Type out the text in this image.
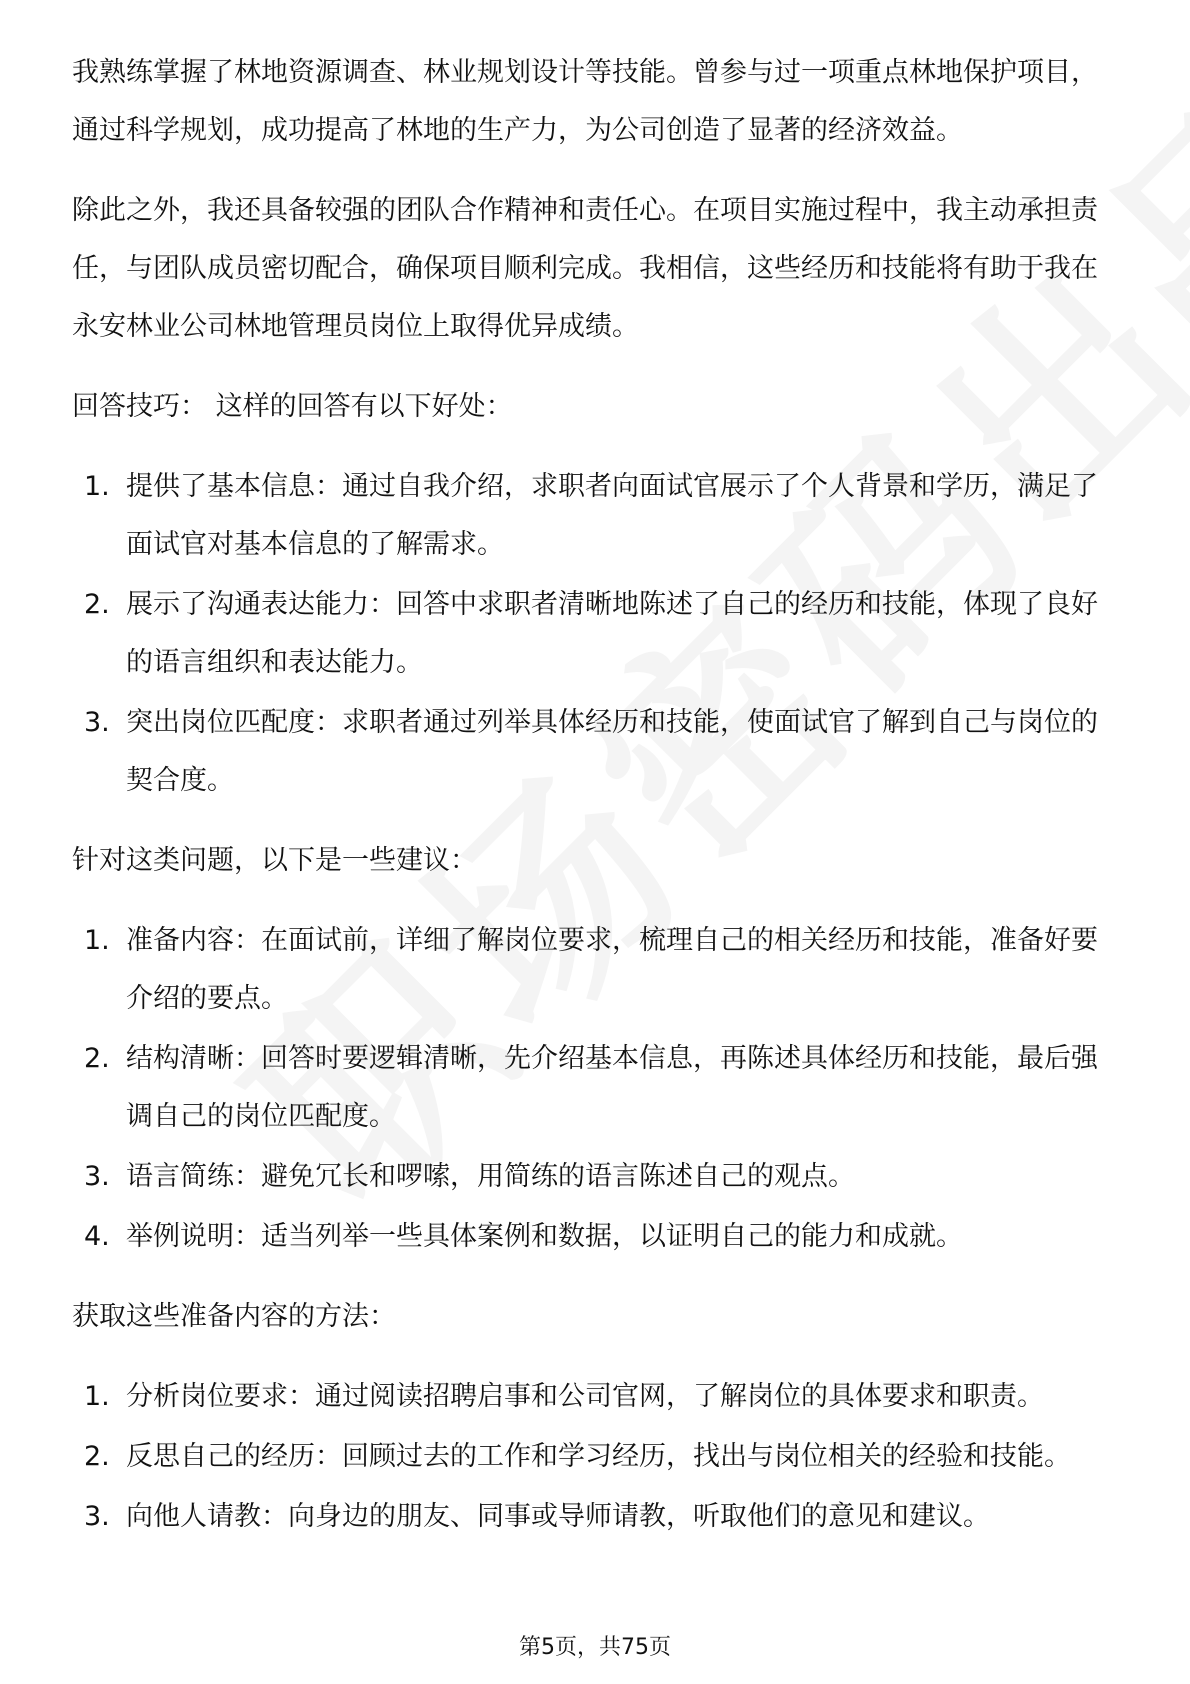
我熟练掌握了林地资源调查、林业规划设计等技能。曾参与过一项重点林地保护项目，通过科学规划，成功提高了林地的生产力，为公司创造了显著的经济效益。

除此之外，我还具备较强的团队合作精神和责任心。在项目实施过程中，我主动承担责任，与团队成员密切配合，确保项目顺利完成。我相信，这些经历和技能将有助于我在永安林业公司林地管理员岗位上取得优异成绩。

回答技巧： 这样的回答有以下好处：

1. 提供了基本信息：通过自我介绍，求职者向面试官展示了个人背景和学历，满足了面试官对基本信息的了解需求。
2. 展示了沟通表达能力：回答中求职者清晰地陈述了自己的经历和技能，体现了良好的语言组织和表达能力。
3. 突出岗位匹配度：求职者通过列举具体经历和技能，使面试官了解到自己与岗位的契合度。

针对这类问题，以下是一些建议：

1. 准备内容：在面试前，详细了解岗位要求，梳理自己的相关经历和技能，准备好要介绍的要点。
2. 结构清晰：回答时要逻辑清晰，先介绍基本信息，再陈述具体经历和技能，最后强调自己的岗位匹配度。
3. 语言简练：避免冗长和啰嗦，用简练的语言陈述自己的观点。
4. 举例说明：适当列举一些具体案例和数据，以证明自己的能力和成就。

获取这些准备内容的方法：

1. 分析岗位要求：通过阅读招聘启事和公司官网，了解岗位的具体要求和职责。
2. 反思自己的经历：回顾过去的工作和学习经历，找出与岗位相关的经验和技能。
3. 向他人请教：向身边的朋友、同事或导师请教，听取他们的意见和建议。
第5页，共75页
